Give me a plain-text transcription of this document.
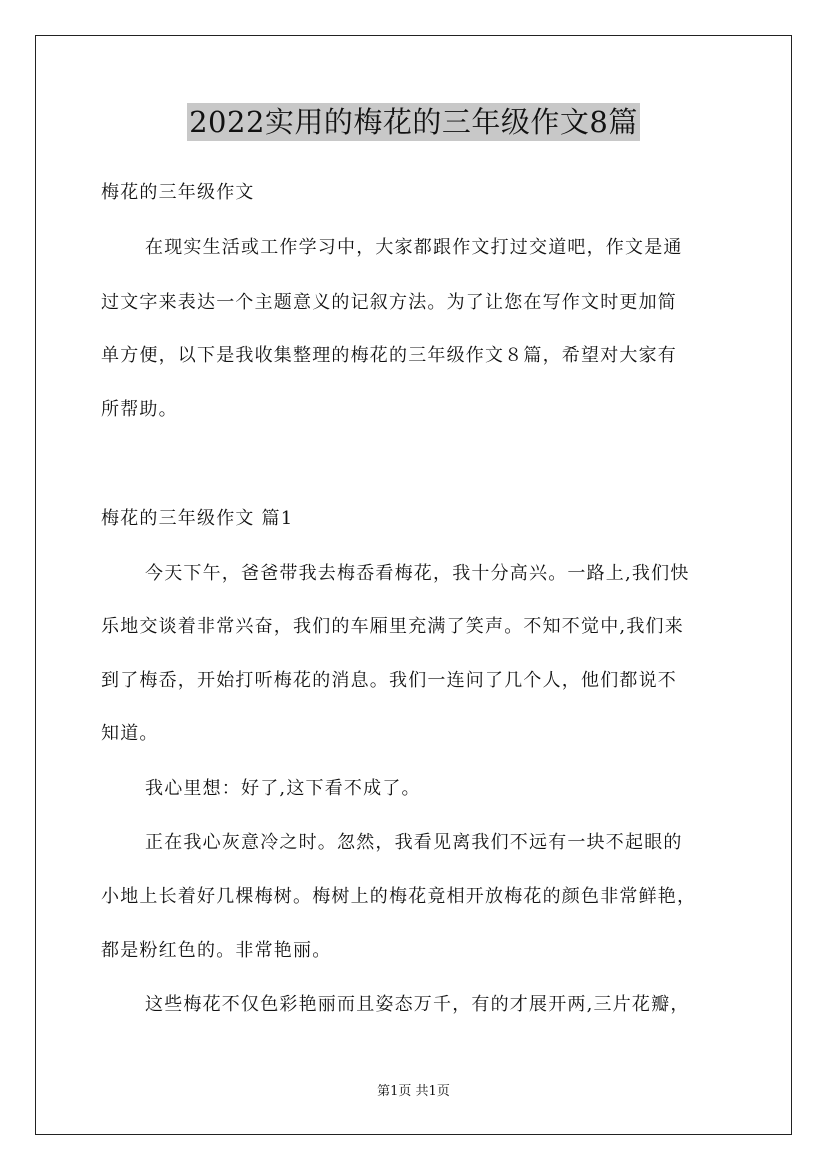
2022实用的梅花的三年级作文8篇
梅花的三年级作文
在现实生活或工作学习中，大家都跟作文打过交道吧，作文是通
过文字来表达一个主题意义的记叙方法。为了让您在写作文时更加简
单方便，以下是我收集整理的梅花的三年级作文８篇，希望对大家有
所帮助。
梅花的三年级作文 篇1
今天下午，爸爸带我去梅岙看梅花，我十分高兴。一路上,我们快
乐地交谈着非常兴奋，我们的车厢里充满了笑声。不知不觉中,我们来
到了梅岙，开始打听梅花的消息。我们一连问了几个人，他们都说不
知道。
我心里想：好了,这下看不成了。
正在我心灰意冷之时。忽然，我看见离我们不远有一块不起眼的
小地上长着好几棵梅树。梅树上的梅花竟相开放梅花的颜色非常鲜艳，
都是粉红色的。非常艳丽。
这些梅花不仅色彩艳丽而且姿态万千，有的才展开两,三片花瓣，
第1页 共1页
